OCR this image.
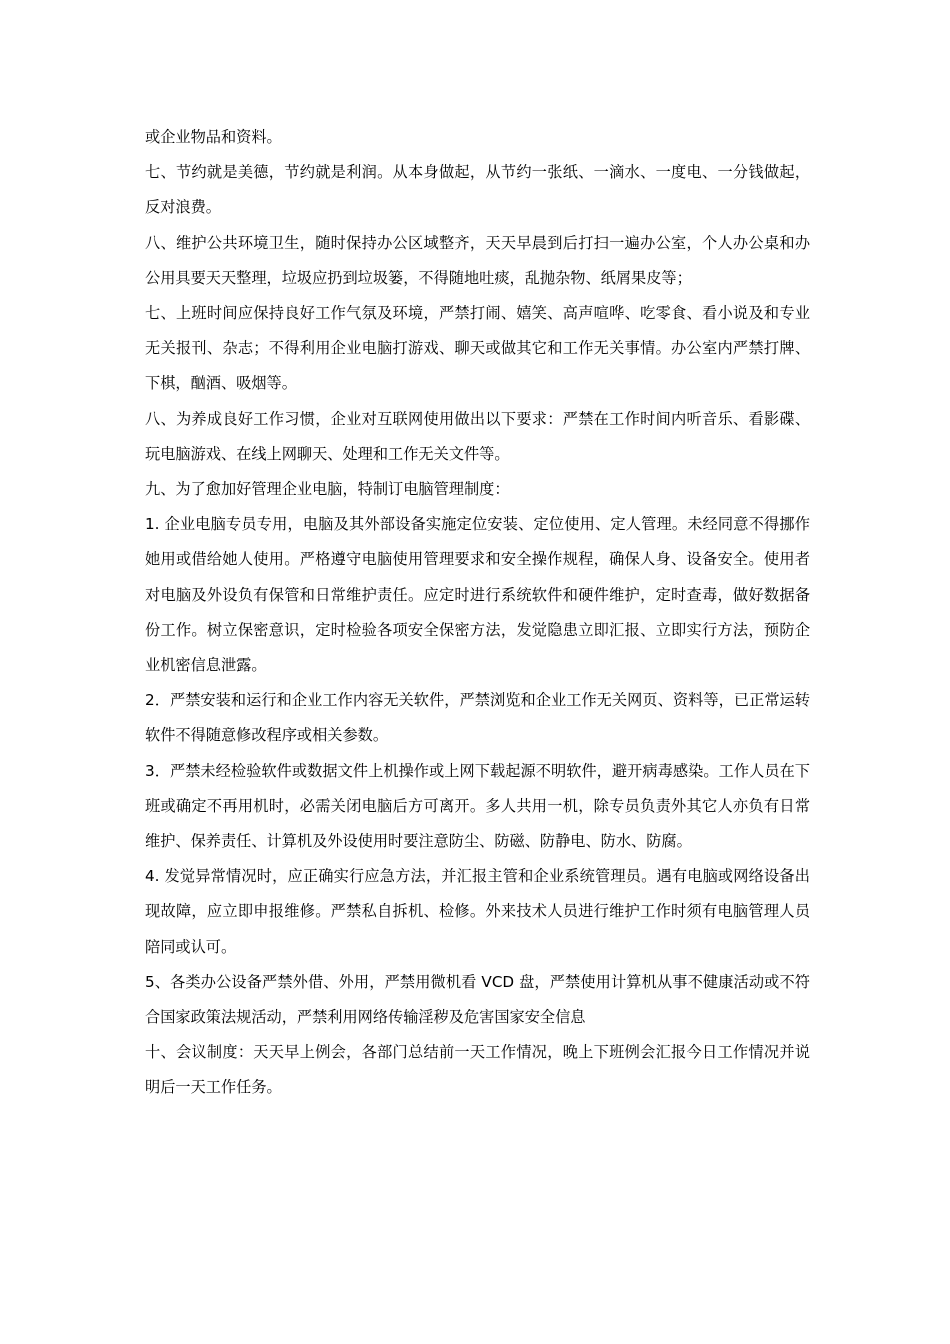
或企业物品和资料。

七、节约就是美德，节约就是利润。从本身做起，从节约一张纸、一滴水、一度电、一分钱做起，反对浪费。

八、维护公共环境卫生，随时保持办公区域整齐，天天早晨到后打扫一遍办公室，个人办公桌和办公用具要天天整理，垃圾应扔到垃圾篓，不得随地吐痰，乱抛杂物、纸屑果皮等；

七、上班时间应保持良好工作气氛及环境，严禁打闹、嬉笑、高声喧哗、吃零食、看小说及和专业无关报刊、杂志；不得利用企业电脑打游戏、聊天或做其它和工作无关事情。办公室内严禁打牌、下棋，酗酒、吸烟等。

八、为养成良好工作习惯，企业对互联网使用做出以下要求：严禁在工作时间内听音乐、看影碟、玩电脑游戏、在线上网聊天、处理和工作无关文件等。

九、为了愈加好管理企业电脑，特制订电脑管理制度：

1. 企业电脑专员专用，电脑及其外部设备实施定位安装、定位使用、定人管理。未经同意不得挪作她用或借给她人使用。严格遵守电脑使用管理要求和安全操作规程，确保人身、设备安全。使用者对电脑及外设负有保管和日常维护责任。应定时进行系统软件和硬件维护，定时查毒，做好数据备份工作。树立保密意识，定时检验各项安全保密方法，发觉隐患立即汇报、立即实行方法，预防企业机密信息泄露。

2．严禁安装和运行和企业工作内容无关软件，严禁浏览和企业工作无关网页、资料等，已正常运转软件不得随意修改程序或相关参数。

3．严禁未经检验软件或数据文件上机操作或上网下载起源不明软件，避开病毒感染。工作人员在下班或确定不再用机时，必需关闭电脑后方可离开。多人共用一机，除专员负责外其它人亦负有日常维护、保养责任、计算机及外设使用时要注意防尘、防磁、防静电、防水、防腐。

4. 发觉异常情况时，应正确实行应急方法，并汇报主管和企业系统管理员。遇有电脑或网络设备出现故障，应立即申报维修。严禁私自拆机、检修。外来技术人员进行维护工作时须有电脑管理人员陪同或认可。

5、各类办公设备严禁外借、外用，严禁用微机看 VCD 盘，严禁使用计算机从事不健康活动或不符合国家政策法规活动，严禁利用网络传输淫秽及危害国家安全信息

十、会议制度：天天早上例会，各部门总结前一天工作情况，晚上下班例会汇报今日工作情况并说明后一天工作任务。
